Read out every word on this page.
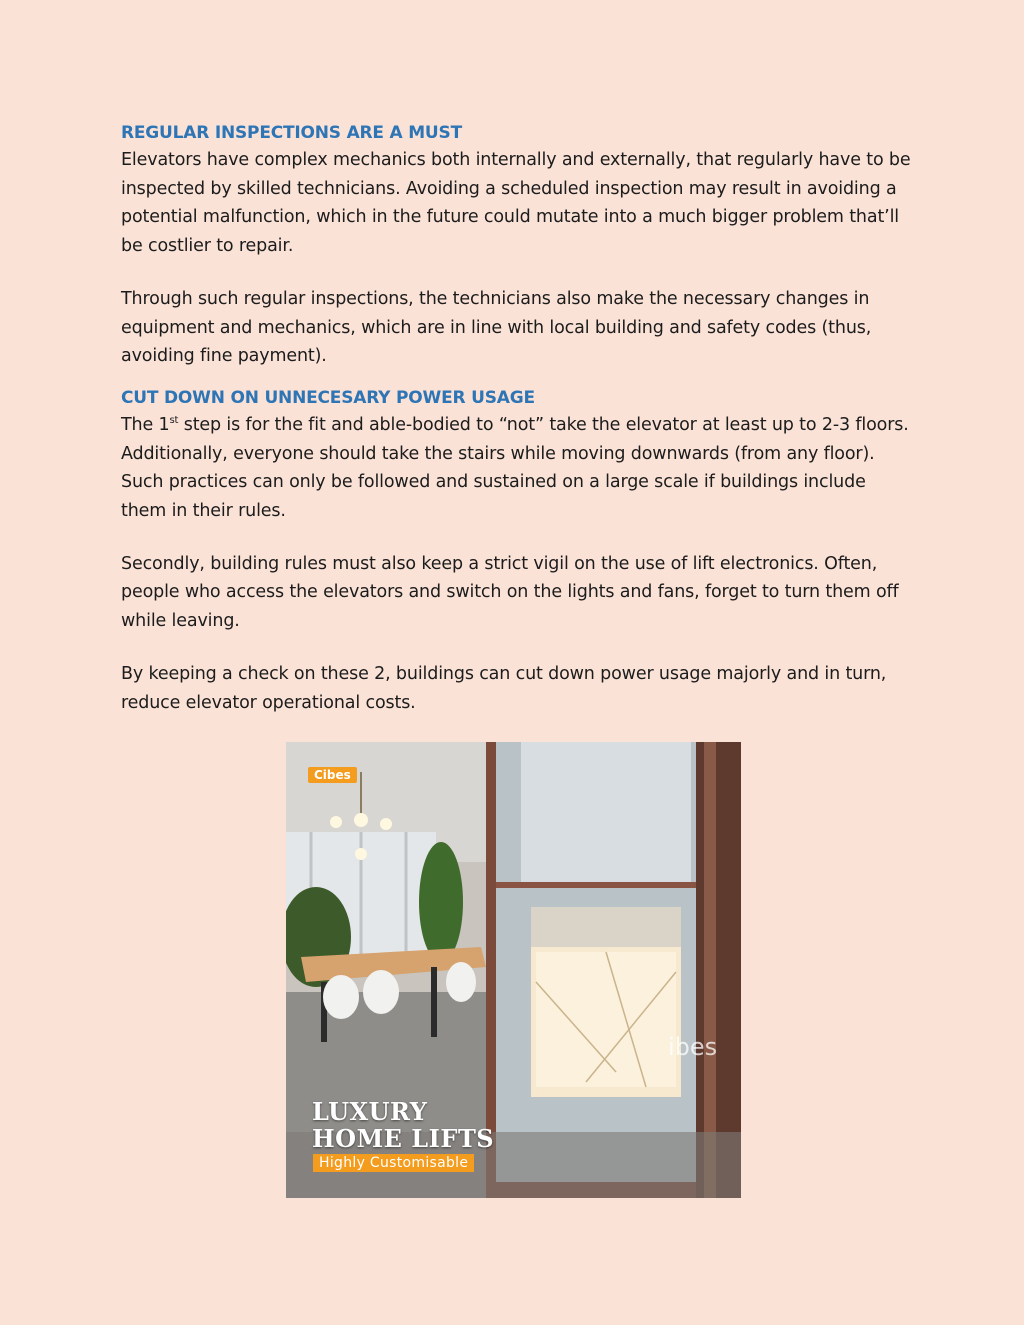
REGULAR INSPECTIONS ARE A MUST

Elevators have complex mechanics both internally and externally, that regularly have to be inspected by skilled technicians. Avoiding a scheduled inspection may result in avoiding a potential malfunction, which in the future could mutate into a much bigger problem that’ll be costlier to repair.

Through such regular inspections, the technicians also make the necessary changes in equipment and mechanics, which are in line with local building and safety codes (thus, avoiding fine payment).

CUT DOWN ON UNNECESARY POWER USAGE

The 1st step is for the fit and able-bodied to “not” take the elevator at least up to 2-3 floors. Additionally, everyone should take the stairs while moving downwards (from any floor). Such practices can only be followed and sustained on a large scale if buildings include them in their rules.

Secondly, building rules must also keep a strict vigil on the use of lift electronics. Often, people who access the elevators and switch on the lights and fans, forget to turn them off while leaving.

By keeping a check on these 2, buildings can cut down power usage majorly and in turn, reduce elevator operational costs.

Cibes
ibes
LUXURY
HOME LIFTS
Highly Customisable
